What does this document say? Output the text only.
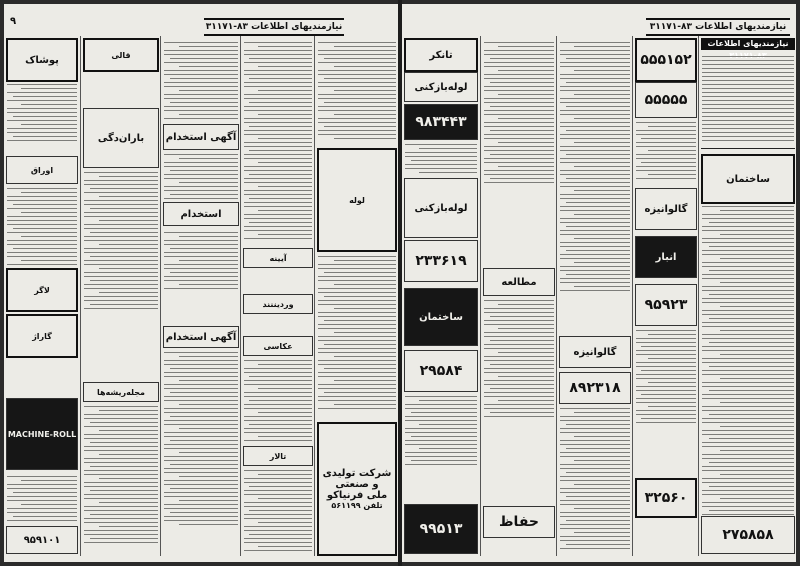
۹	نیازمندیهای اطلاعات ۸۳-۳۱۱۷۱
پوشاک
اوراق
لاگر
گاراژ
MACHINE-ROLL
۹۵۹۱۰۱
قالی
باران‌دگی
مجله‌ریشه‌ها
آگهی استخدام
استخدام
آگهی استخدام
آیینه
وردیننند
عکاسی
تالار
لوله
شرکت تولیدی و صنعتی
ملی فرنیاکو
تلفن ۵۶۱۱۹۹
نیازمندیهای اطلاعات ۸۳-۳۱۱۷۱
تانکر
لوله‌بازکنی
۹۸۳۴۴۳
لوله‌بازکنی
۲۳۳۶۱۹
ساختمان
۲۹۵۸۴
۹۹۵۱۳
مطالعه
حفاظ
گالوانیزه
۸۹۲۳۱۸
۵۵۵۱۵۲
۵۵۵۵۵
گالوانیزه
انبار
۹۵۹۲۳
۳۲۵۶۰
نیازمندیهای اطلاعات
ساختمان
۲۷۵۸۵۸
